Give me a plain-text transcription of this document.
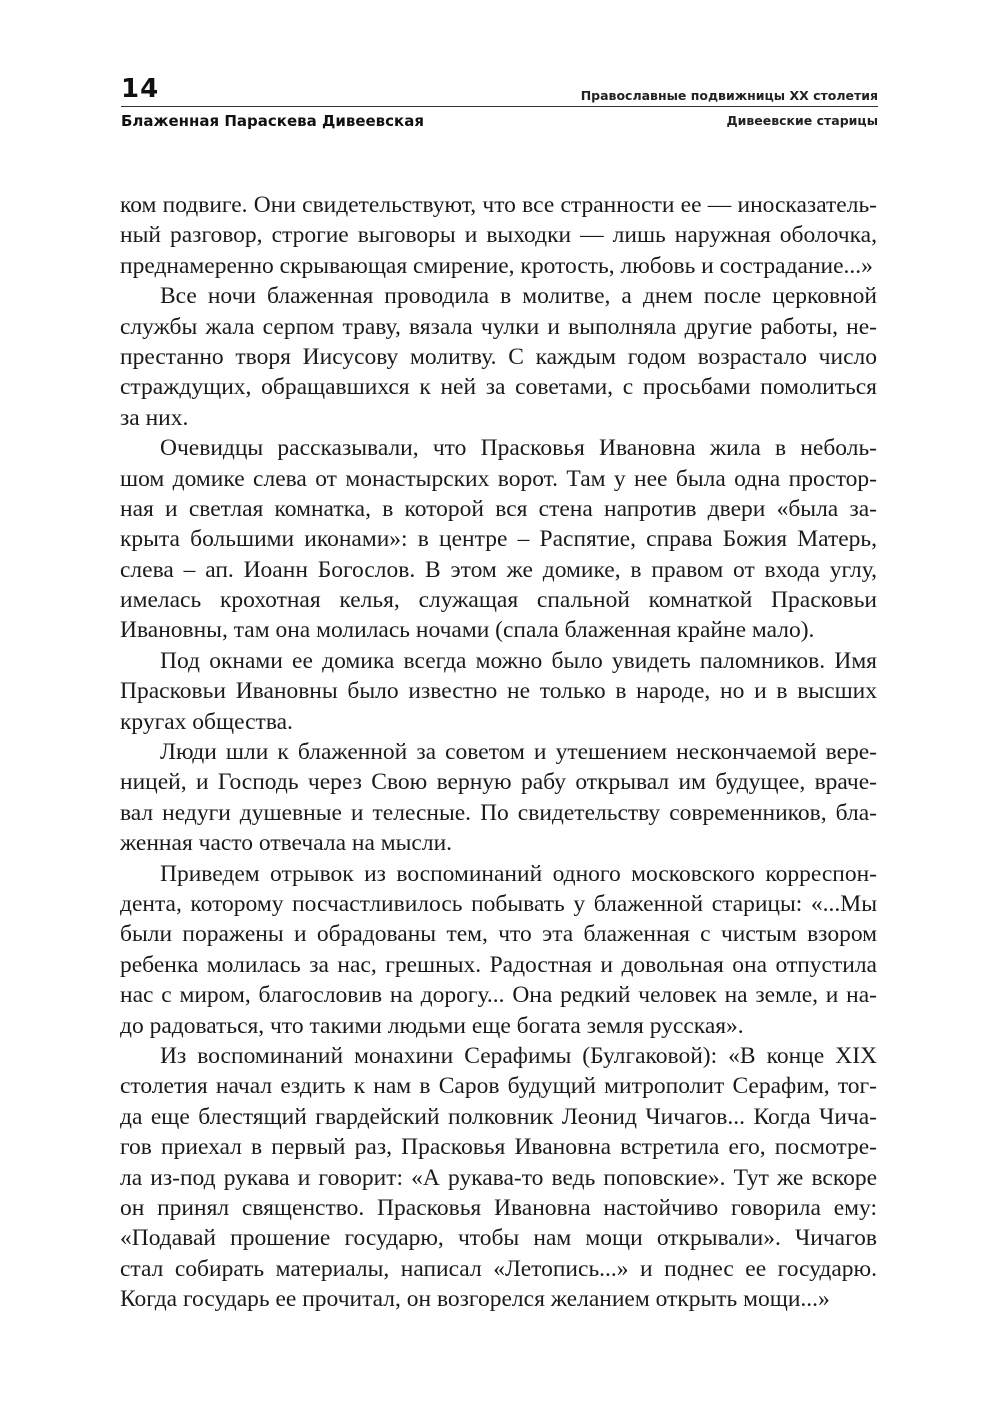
14	Православные подвижницы ХХ столетия
Блаженная Параскева Дивеевская	Дивеевские старицы
ком подвиге. Они свидетельствуют, что все странности ее — иносказатель-
ный разговор, строгие выговоры и выходки — лишь наружная оболочка,
преднамеренно скрывающая смирение, кротость, любовь и сострадание...»
Все ночи блаженная проводила в молитве, а днем после церковной
службы жала серпом траву, вязала чулки и выполняла другие работы, не-
престанно творя Иисусову молитву. С каждым годом возрастало число
страждущих, обращавшихся к ней за советами, с просьбами помолиться
за них.
Очевидцы рассказывали, что Прасковья Ивановна жила в неболь-
шом домике слева от монастырских ворот. Там у нее была одна простор-
ная и светлая комнатка, в которой вся стена напротив двери «была за-
крыта большими иконами»: в центре – Распятие, справа Божия Матерь,
слева – ап. Иоанн Богослов. В этом же домике, в правом от входа углу,
имелась крохотная келья, служащая спальной комнаткой Прасковьи
Ивановны, там она молилась ночами (спала блаженная крайне мало).
Под окнами ее домика всегда можно было увидеть паломников. Имя
Прасковьи Ивановны было известно не только в народе, но и в высших
кругах общества.
Люди шли к блаженной за советом и утешением нескончаемой вере-
ницей, и Господь через Свою верную рабу открывал им будущее, враче-
вал недуги душевные и телесные. По свидетельству современников, бла-
женная часто отвечала на мысли.
Приведем отрывок из воспоминаний одного московского корреспон-
дента, которому посчастливилось побывать у блаженной старицы: «...Мы
были поражены и обрадованы тем, что эта блаженная с чистым взором
ребенка молилась за нас, грешных. Радостная и довольная она отпустила
нас с миром, благословив на дорогу... Она редкий человек на земле, и на-
до радоваться, что такими людьми еще богата земля русская».
Из воспоминаний монахини Серафимы (Булгаковой): «В конце XIX
столетия начал ездить к нам в Саров будущий митрополит Серафим, тог-
да еще блестящий гвардейский полковник Леонид Чичагов... Когда Чича-
гов приехал в первый раз, Прасковья Ивановна встретила его, посмотре-
ла из-под рукава и говорит: «А рукава-то ведь поповские». Тут же вскоре
он принял священство. Прасковья Ивановна настойчиво говорила ему:
«Подавай прошение государю, чтобы нам мощи открывали». Чичагов
стал собирать материалы, написал «Летопись...» и поднес ее государю.
Когда государь ее прочитал, он возгорелся желанием открыть мощи...»
